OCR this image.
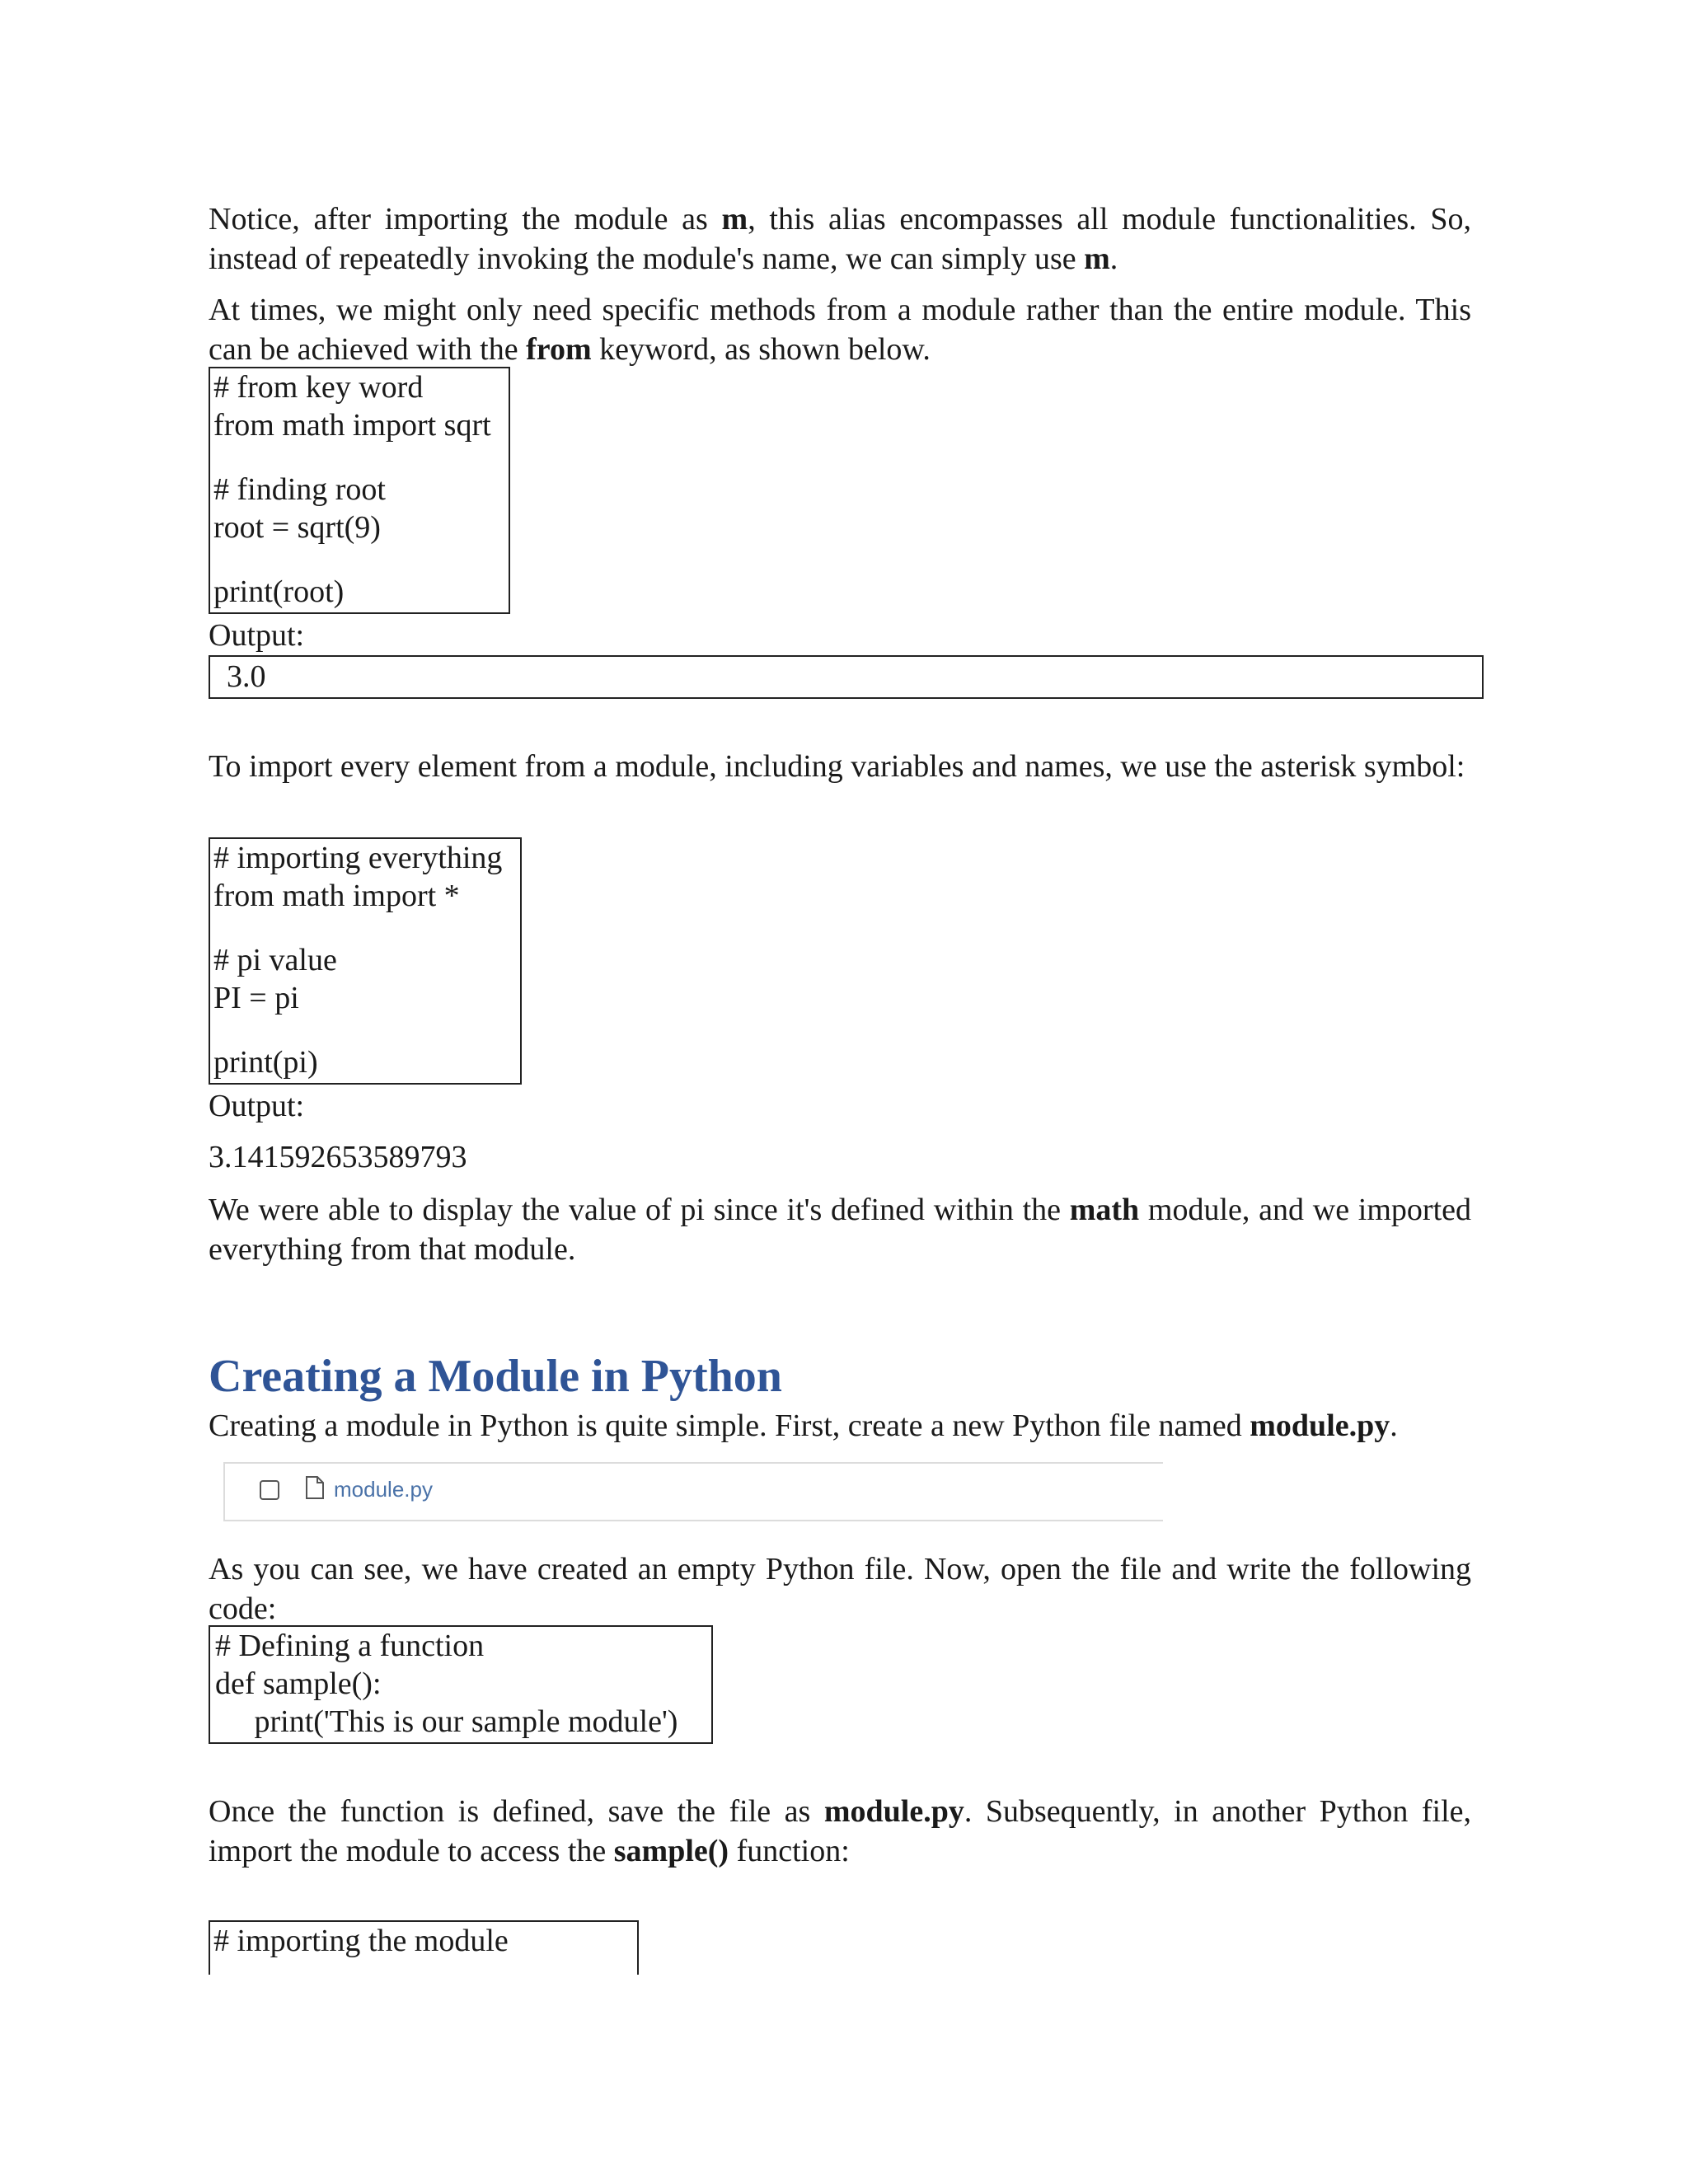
Notice, after importing the module as m, this alias encompasses all module functionalities. So, instead of repeatedly invoking the module's name, we can simply use m.

At times, we might only need specific methods from a module rather than the entire module. This can be achieved with the from keyword, as shown below.

# from key word
from math import sqrt
# finding root
root = sqrt(9)
print(root)
Output:
3.0

To import every element from a module, including variables and names, we use the asterisk symbol:

# importing everything
from math import *
# pi value
PI = pi
print(pi)
Output:
3.141592653589793

We were able to display the value of pi since it's defined within the math module, and we imported everything from that module.

Creating a Module in Python

Creating a module in Python is quite simple. First, create a new Python file named module.py.

module.py

As you can see, we have created an empty Python file. Now, open the file and write the following code:

# Defining a function
def sample():
print('This is our sample module')

Once the function is defined, save the file as module.py. Subsequently, in another Python file, import the module to access the sample() function:

# importing the module
